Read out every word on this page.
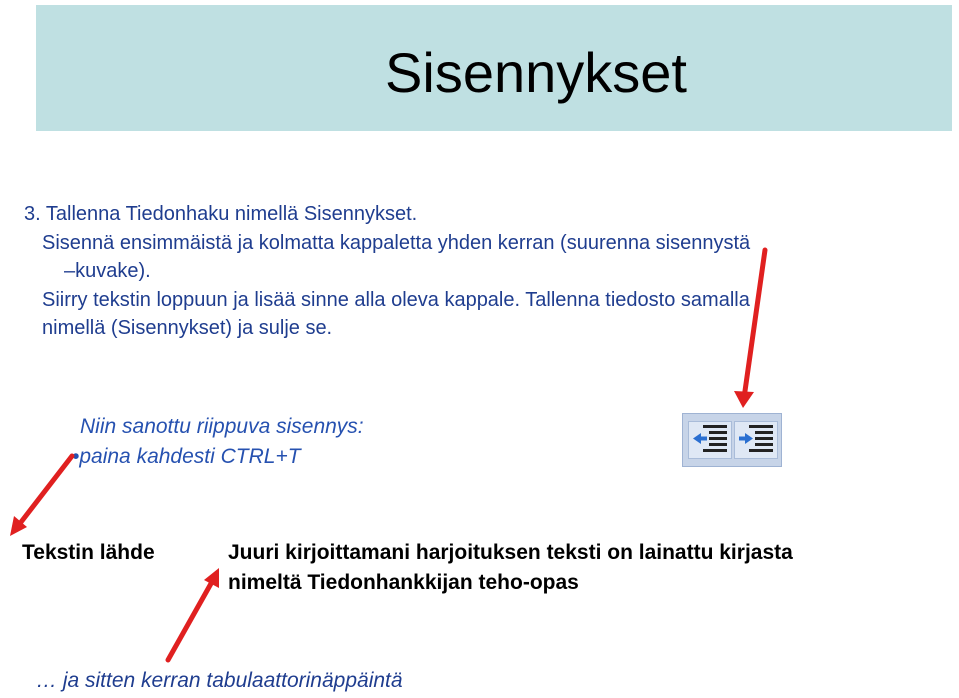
Sisennykset

3. Tallenna Tiedonhaku nimellä Sisennykset.

Sisennä ensimmäistä ja kolmatta kappaletta yhden kerran (suurenna sisennystä

–kuvake).

Siirry tekstin loppuun ja lisää sinne alla oleva kappale. Tallenna tiedosto samalla

nimellä (Sisennykset) ja sulje se.

Niin sanottu riippuva sisennys:

•paina kahdesti CTRL+T

Tekstin lähde	Juuri kirjoittamani harjoituksen teksti on lainattu kirjasta
nimeltä Tiedonhankkijan teho-opas
… ja sitten kerran tabulaattorinäppäintä
